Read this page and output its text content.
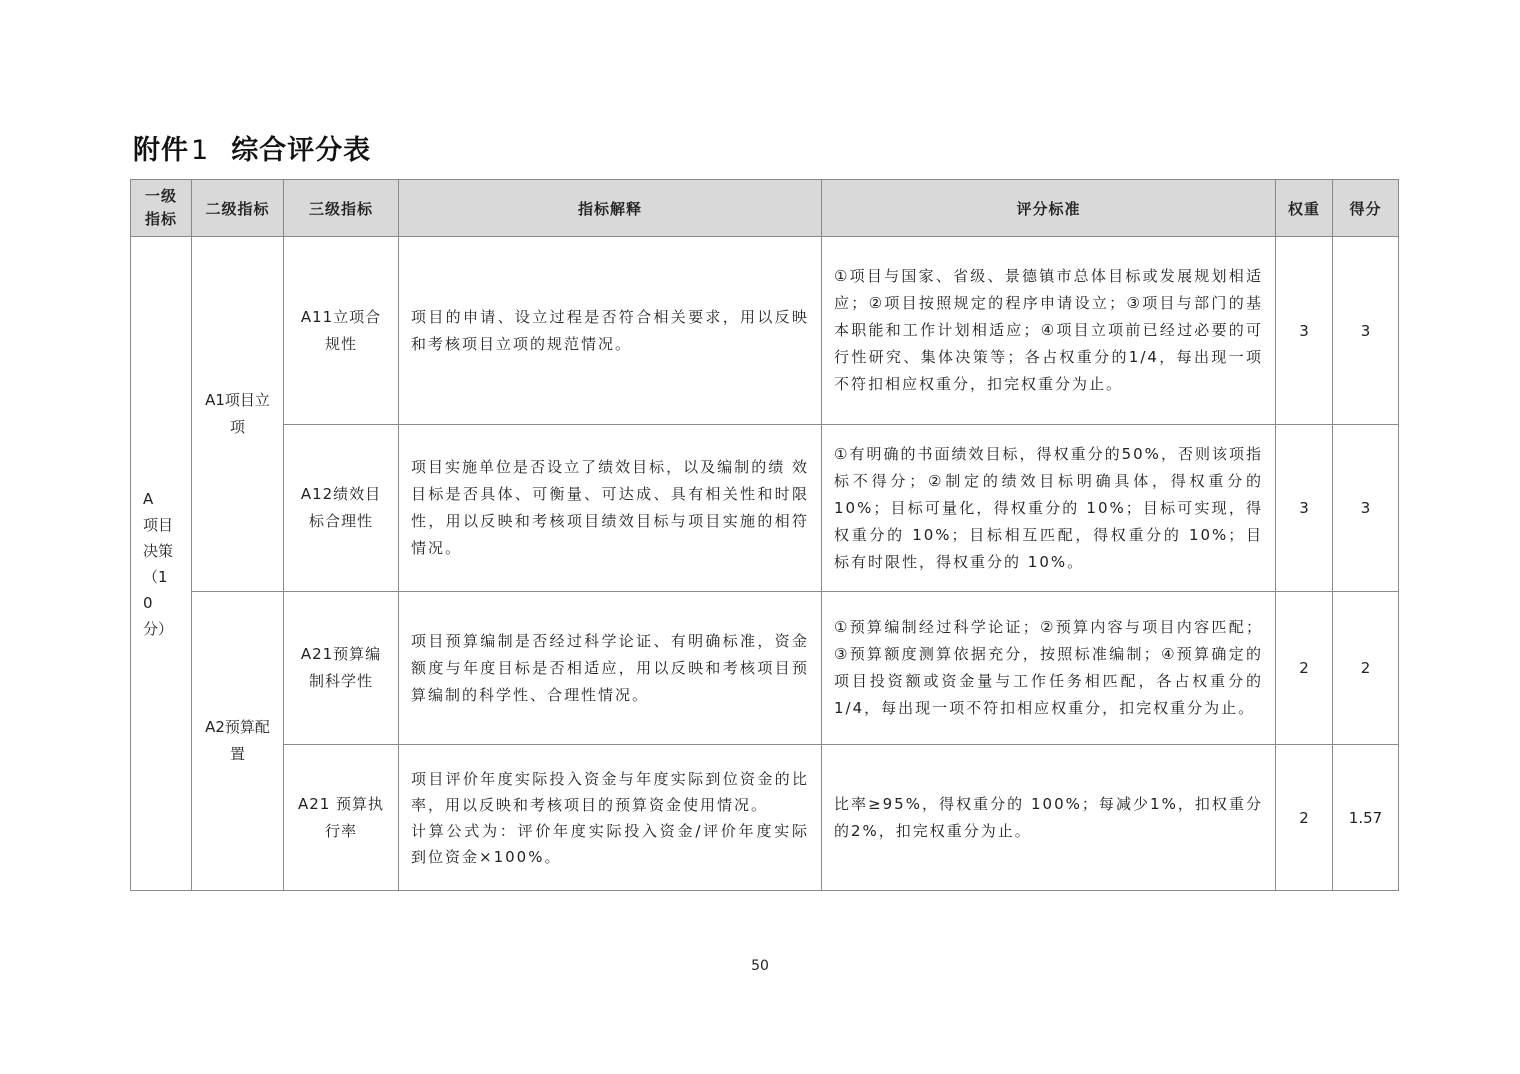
附件1 综合评分表
一级指标	二级指标	三级指标	指标解释	评分标准	权重	得分

A 项目决策（10分）	A1项目立项	A11立项合规性	项目的申请、设立过程是否符合相关要求，用以反映和考核项目立项的规范情况。	①项目与国家、省级、景德镇市总体目标或发展规划相适应；②项目按照规定的程序申请设立；③项目与部门的基本职能和工作计划相适应；④项目立项前已经过必要的可行性研究、集体决策等；各占权重分的1/4，每出现一项不符扣相应权重分，扣完权重分为止。	3	3

		A12绩效目标合理性	项目实施单位是否设立了绩效目标，以及编制的绩 效目标是否具体、可衡量、可达成、具有相关性和时限性，用以反映和考核项目绩效目标与项目实施的相符情况。	①有明确的书面绩效目标，得权重分的50%，否则该项指标不得分；②制定的绩效目标明确具体，得权重分的10%；目标可量化，得权重分的 10%；目标可实现，得权重分的 10%；目标相互匹配，得权重分的 10%；目标有时限性，得权重分的 10%。	3	3

	A2预算配置	A21预算编制科学性	项目预算编制是否经过科学论证、有明确标准，资金额度与年度目标是否相适应，用以反映和考核项目预算编制的科学性、合理性情况。	①预算编制经过科学论证；②预算内容与项目内容匹配；③预算额度测算依据充分，按照标准编制；④预算确定的项目投资额或资金量与工作任务相匹配，各占权重分的 1/4，每出现一项不符扣相应权重分，扣完权重分为止。	2	2

		A21 预算执行率	项目评价年度实际投入资金与年度实际到位资金的比率，用以反映和考核项目的预算资金使用情况。
计算公式为：评价年度实际投入资金/评价年度实际 到位资金×100%。	比率≥95%，得权重分的 100%；每减少1%，扣权重分的2%，扣完权重分为止。	2	1.57
50
